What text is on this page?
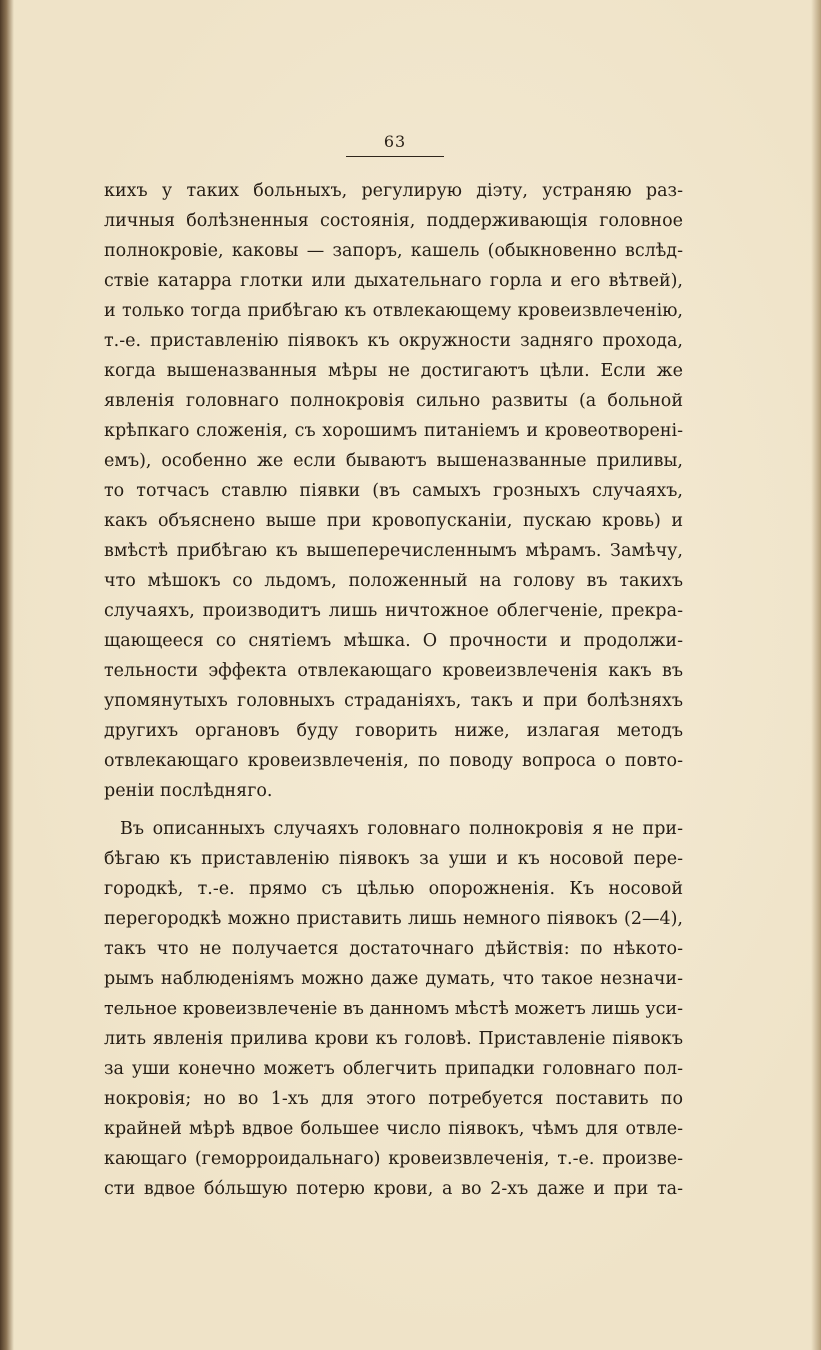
63
кихъ у таких больныхъ, регулирую діэту, устраняю раз-
личныя болѣзненныя состоянія, поддерживающія головное
полнокровіе, каковы — запоръ, кашель (обыкновенно вслѣд-
ствіе катарра глотки или дыхательнаго горла и его вѣтвей),
и только тогда прибѣгаю къ отвлекающему кровеизвлеченію,
т.-е. приставленію піявокъ къ окружности задняго прохода,
когда вышеназванныя мѣры не достигаютъ цѣли. Если же
явленія головнаго полнокровія сильно развиты (а больной
крѣпкаго сложенія, съ хорошимъ питаніемъ и кровеотворені-
емъ), особенно же если бываютъ вышеназванные приливы,
то тотчасъ ставлю піявки (въ самыхъ грозныхъ случаяхъ,
какъ объяснено выше при кровопусканіи, пускаю кровь) и
вмѣстѣ прибѣгаю къ вышеперечисленнымъ мѣрамъ. Замѣчу,
что мѣшокъ со льдомъ, положенный на голову въ такихъ
случаяхъ, производитъ лишь ничтожное облегченіе, прекра-
щающееся со снятіемъ мѣшка. О прочности и продолжи-
тельности эффекта отвлекающаго кровеизвлеченія какъ въ
упомянутыхъ головныхъ страданіяхъ, такъ и при болѣзняхъ
другихъ органовъ буду говорить ниже, излагая методъ
отвлекающаго кровеизвлеченія, по поводу вопроса о повто-
реніи послѣдняго.
Въ описанныхъ случаяхъ головнаго полнокровія я не при-
бѣгаю къ приставленію піявокъ за уши и къ носовой пере-
городкѣ, т.-е. прямо съ цѣлью опорожненія. Къ носовой
перегородкѣ можно приставить лишь немного піявокъ (2—4),
такъ что не получается достаточнаго дѣйствія: по нѣкото-
рымъ наблюденіямъ можно даже думать, что такое незначи-
тельное кровеизвлеченіе въ данномъ мѣстѣ можетъ лишь уси-
лить явленія прилива крови къ головѣ. Приставленіе піявокъ
за уши конечно можетъ облегчить припадки головнаго пол-
нокровія; но во 1-хъ для этого потребуется поставить по
крайней мѣрѣ вдвое большее число піявокъ, чѣмъ для отвле-
кающаго (геморроидальнаго) кровеизвлеченія, т.-е. произве-
сти вдвое бóльшую потерю крови, а во 2-хъ даже и при та-
